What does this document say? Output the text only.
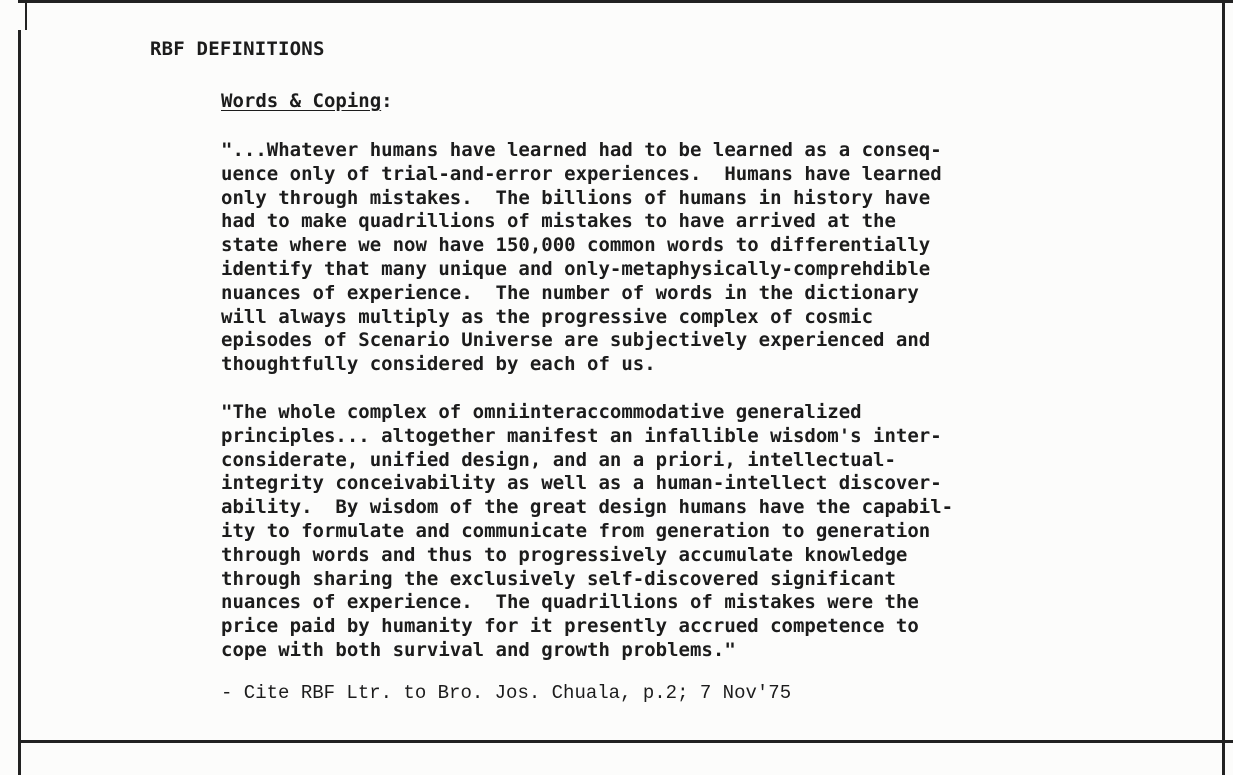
RBF DEFINITIONS
Words & Coping:

"...Whatever humans have learned had to be learned as a conseq-
uence only of trial-and-error experiences.  Humans have learned
only through mistakes.  The billions of humans in history have
had to make quadrillions of mistakes to have arrived at the
state where we now have 150,000 common words to differentially
identify that many unique and only-metaphysically-comprehdible
nuances of experience.  The number of words in the dictionary
will always multiply as the progressive complex of cosmic
episodes of Scenario Universe are subjectively experienced and
thoughtfully considered by each of us.

"The whole complex of omniinteraccommodative generalized
principles... altogether manifest an infallible wisdom's inter-
considerate, unified design, and an a priori, intellectual-
integrity conceivability as well as a human-intellect discover-
ability.  By wisdom of the great design humans have the capabil-
ity to formulate and communicate from generation to generation
through words and thus to progressively accumulate knowledge
through sharing the exclusively self-discovered significant
nuances of experience.  The quadrillions of mistakes were the
price paid by humanity for it presently accrued competence to
cope with both survival and growth problems."

- Cite RBF Ltr. to Bro. Jos. Chuala, p.2; 7 Nov'75
